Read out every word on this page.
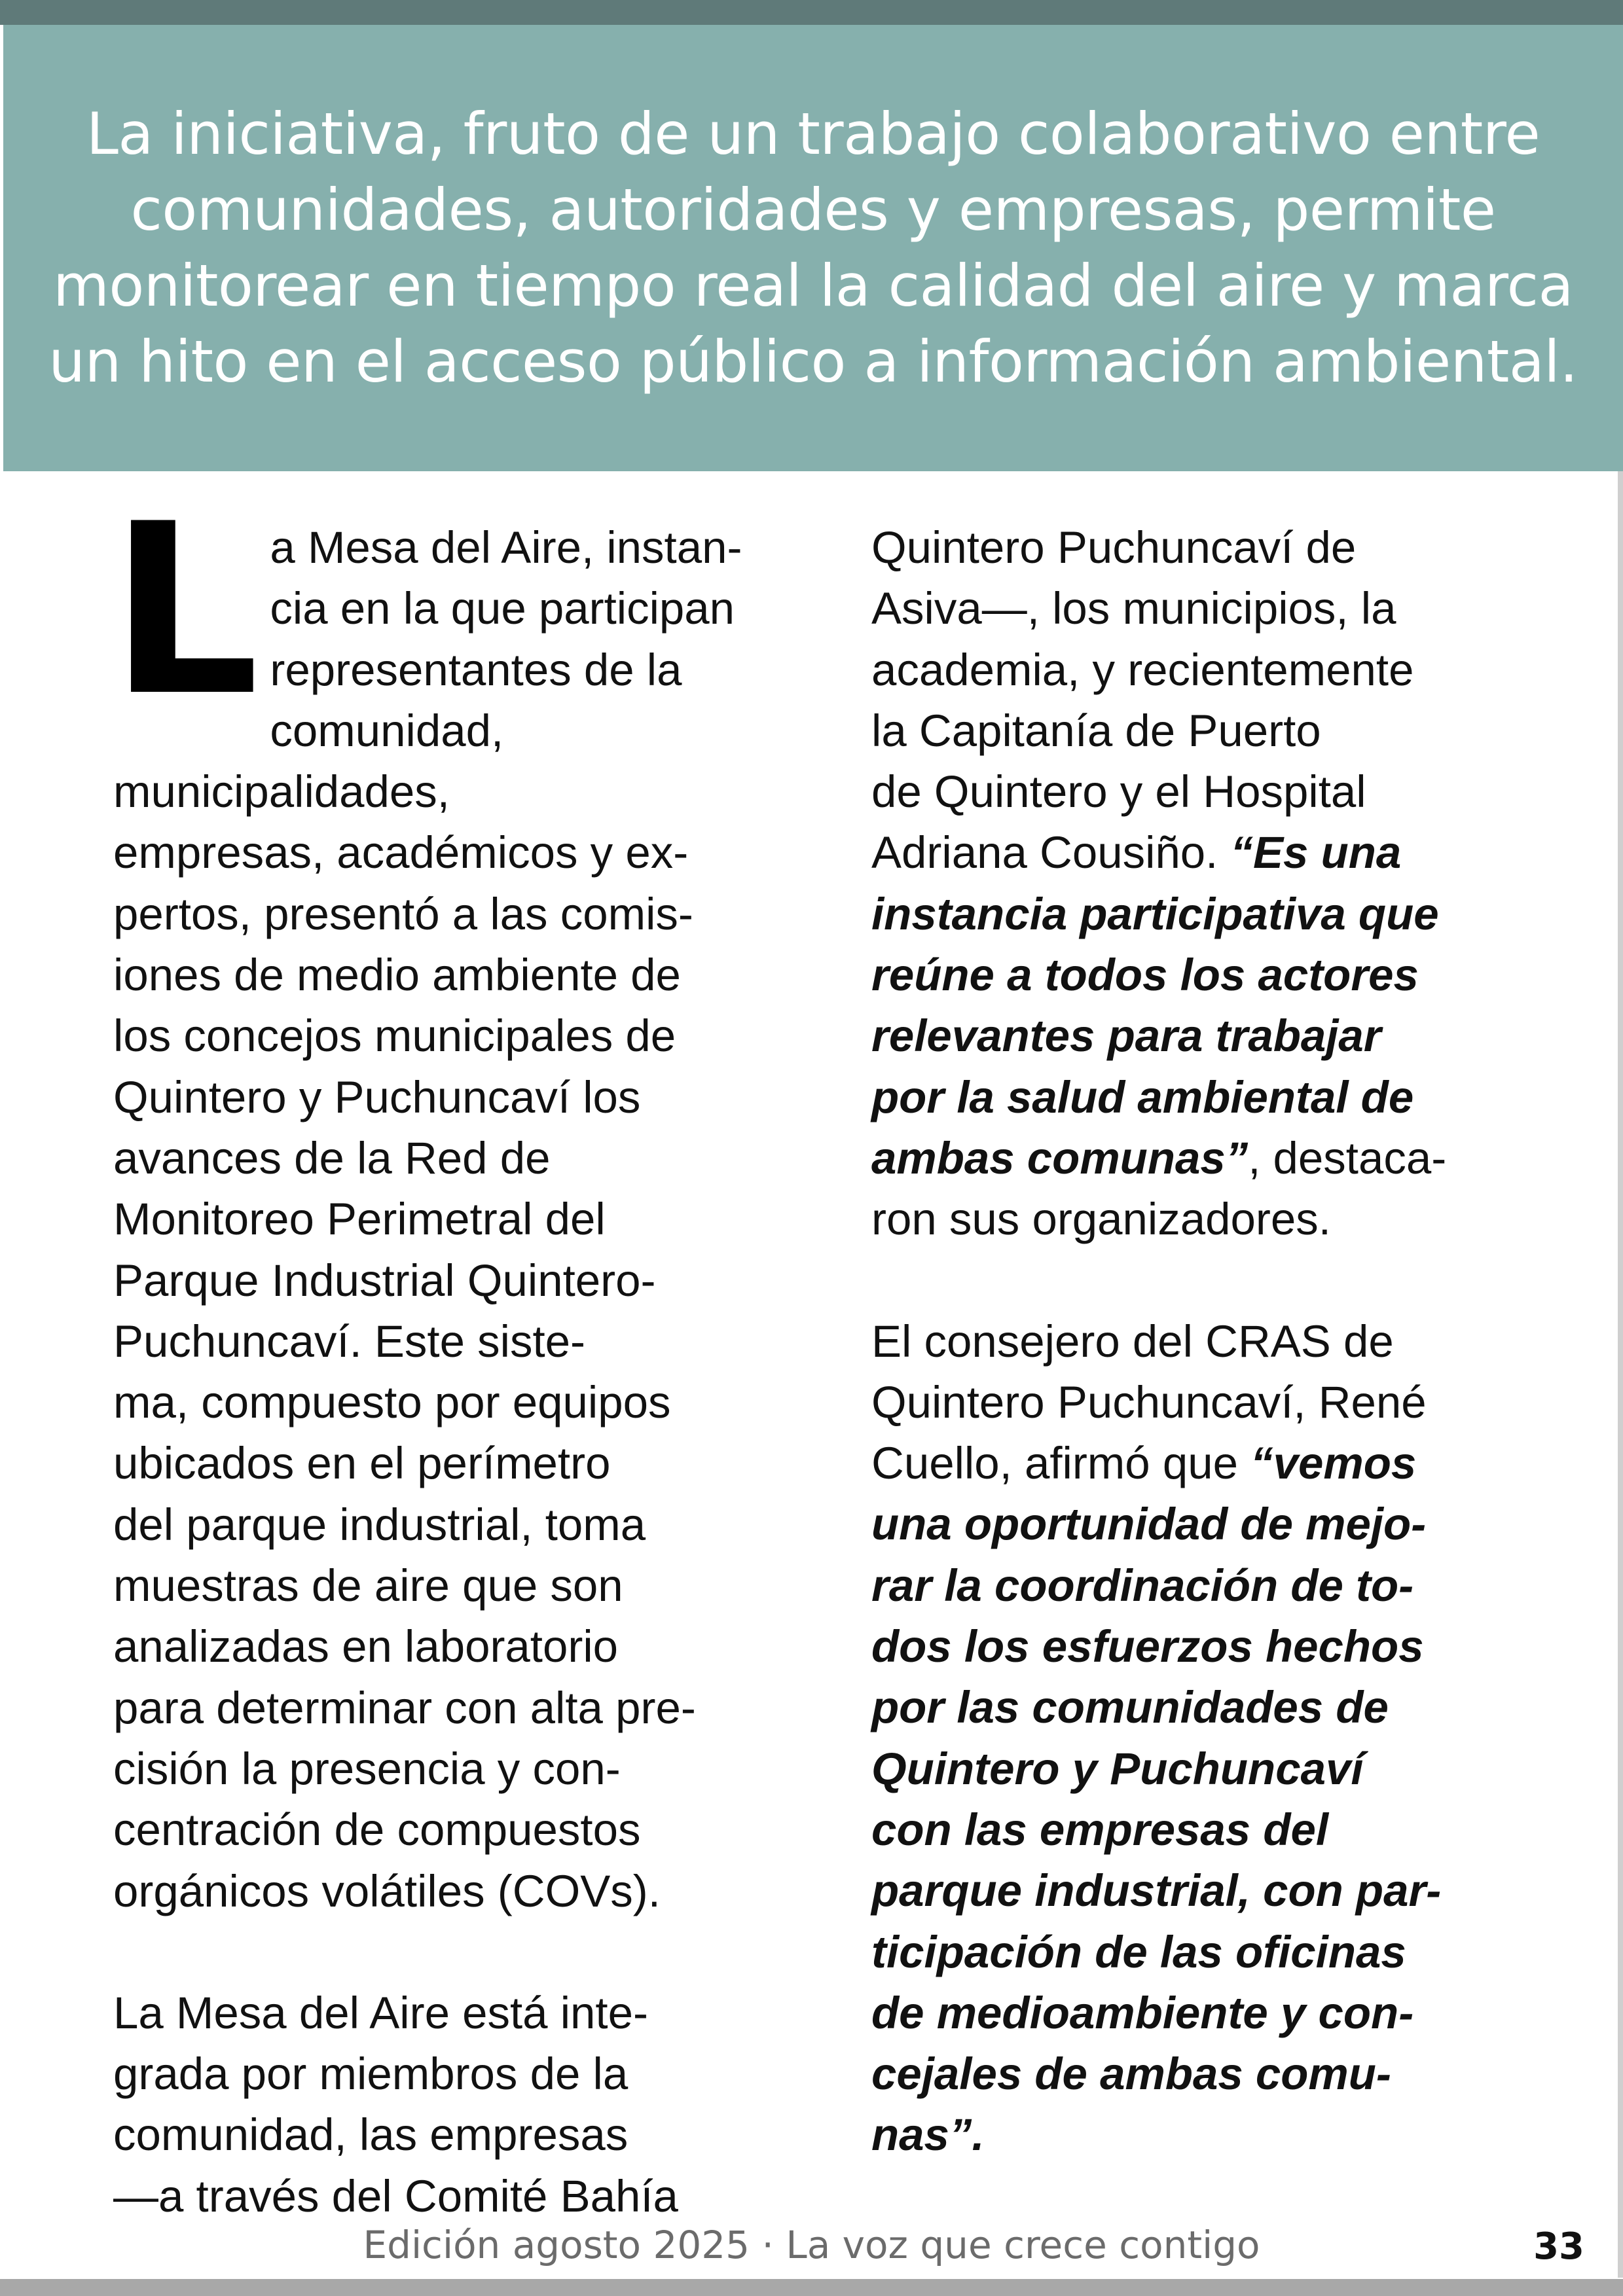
La iniciativa, fruto de un trabajo colaborativo entre comunidades, autoridades y empresas, permite monitorear en tiempo real la calidad del aire y marca un hito en el acceso público a información ambiental.

La Mesa del Aire, instan-
cia en la que participan
representantes de la
comunidad, municipalidades,
empresas, académicos y ex-
pertos, presentó a las comis-
iones de medio ambiente de
los concejos municipales de
Quintero y Puchuncaví los
avances de la Red de
Monitoreo Perimetral del
Parque Industrial Quintero-
Puchuncaví. Este siste-
ma, compuesto por equipos
ubicados en el perímetro
del parque industrial, toma
muestras de aire que son
analizadas en laboratorio
para determinar con alta pre-
cisión la presencia y con-
centración de compuestos
orgánicos volátiles (COVs).

La Mesa del Aire está inte-
grada por miembros de la
comunidad, las empresas
—a través del Comité Bahía

Quintero Puchuncaví de
Asiva—, los municipios, la
academia, y recientemente
la Capitanía de Puerto
de Quintero y el Hospital
Adriana Cousiño. “Es una
instancia participativa que
reúne a todos los actores
relevantes para trabajar
por la salud ambiental de
ambas comunas”, destaca-
ron sus organizadores.

El consejero del CRAS de
Quintero Puchuncaví, René
Cuello, afirmó que “vemos
una oportunidad de mejo-
rar la coordinación de to-
dos los esfuerzos hechos
por las comunidades de
Quintero y Puchuncaví
con las empresas del
parque industrial, con par-
ticipación de las oficinas
de medioambiente y con-
cejales de ambas comu-
nas”.

Edición agosto 2025 · La voz que crece contigo	33
